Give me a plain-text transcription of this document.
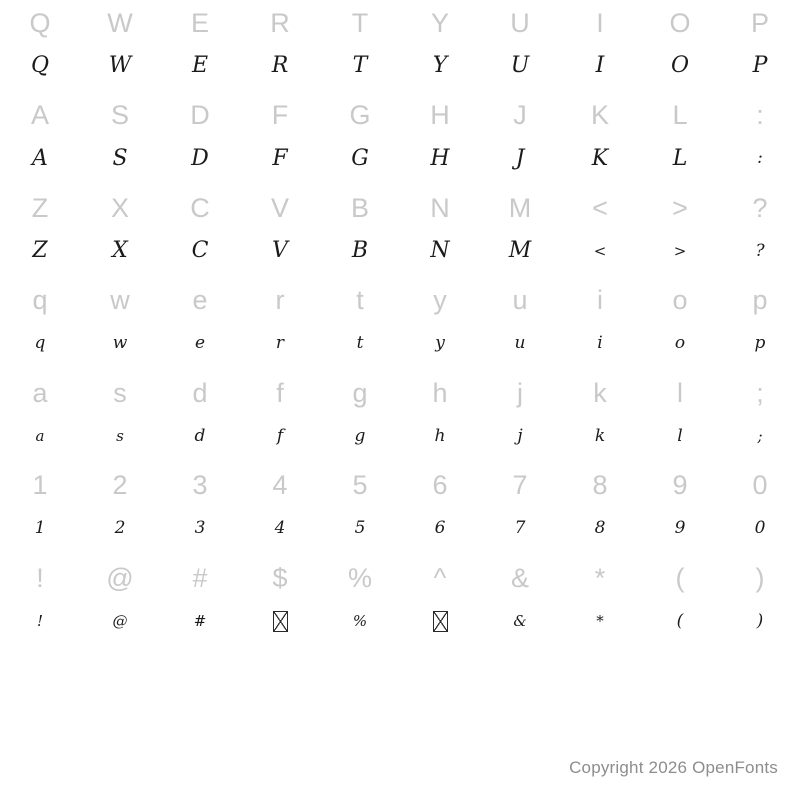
Q
Q
W
W
E
E
R
R
T
T
Y
Y
U
U
I
I
O
O
P
P
A
A
S
S
D
D
F
F
G
G
H
H
J
J
K
K
L
L
:
:
Z
Z
X
X
C
C
V
V
B
B
N
N
M
M
<
<
>
>
?
?
q
q
w
w
e
e
r
r
t
t
y
y
u
u
i
i
o
o
p
p
a
a
s
s
d
d
f
f
g
g
h
h
j
j
k
k
l
l
;
;
1
1
2
2
3
3
4
4
5
5
6
6
7
7
8
8
9
9
0
0
!
!
@
@
#
#
$ %
%
^ &
&
*
*
(
(
)
)
Copyright 2026 OpenFonts
